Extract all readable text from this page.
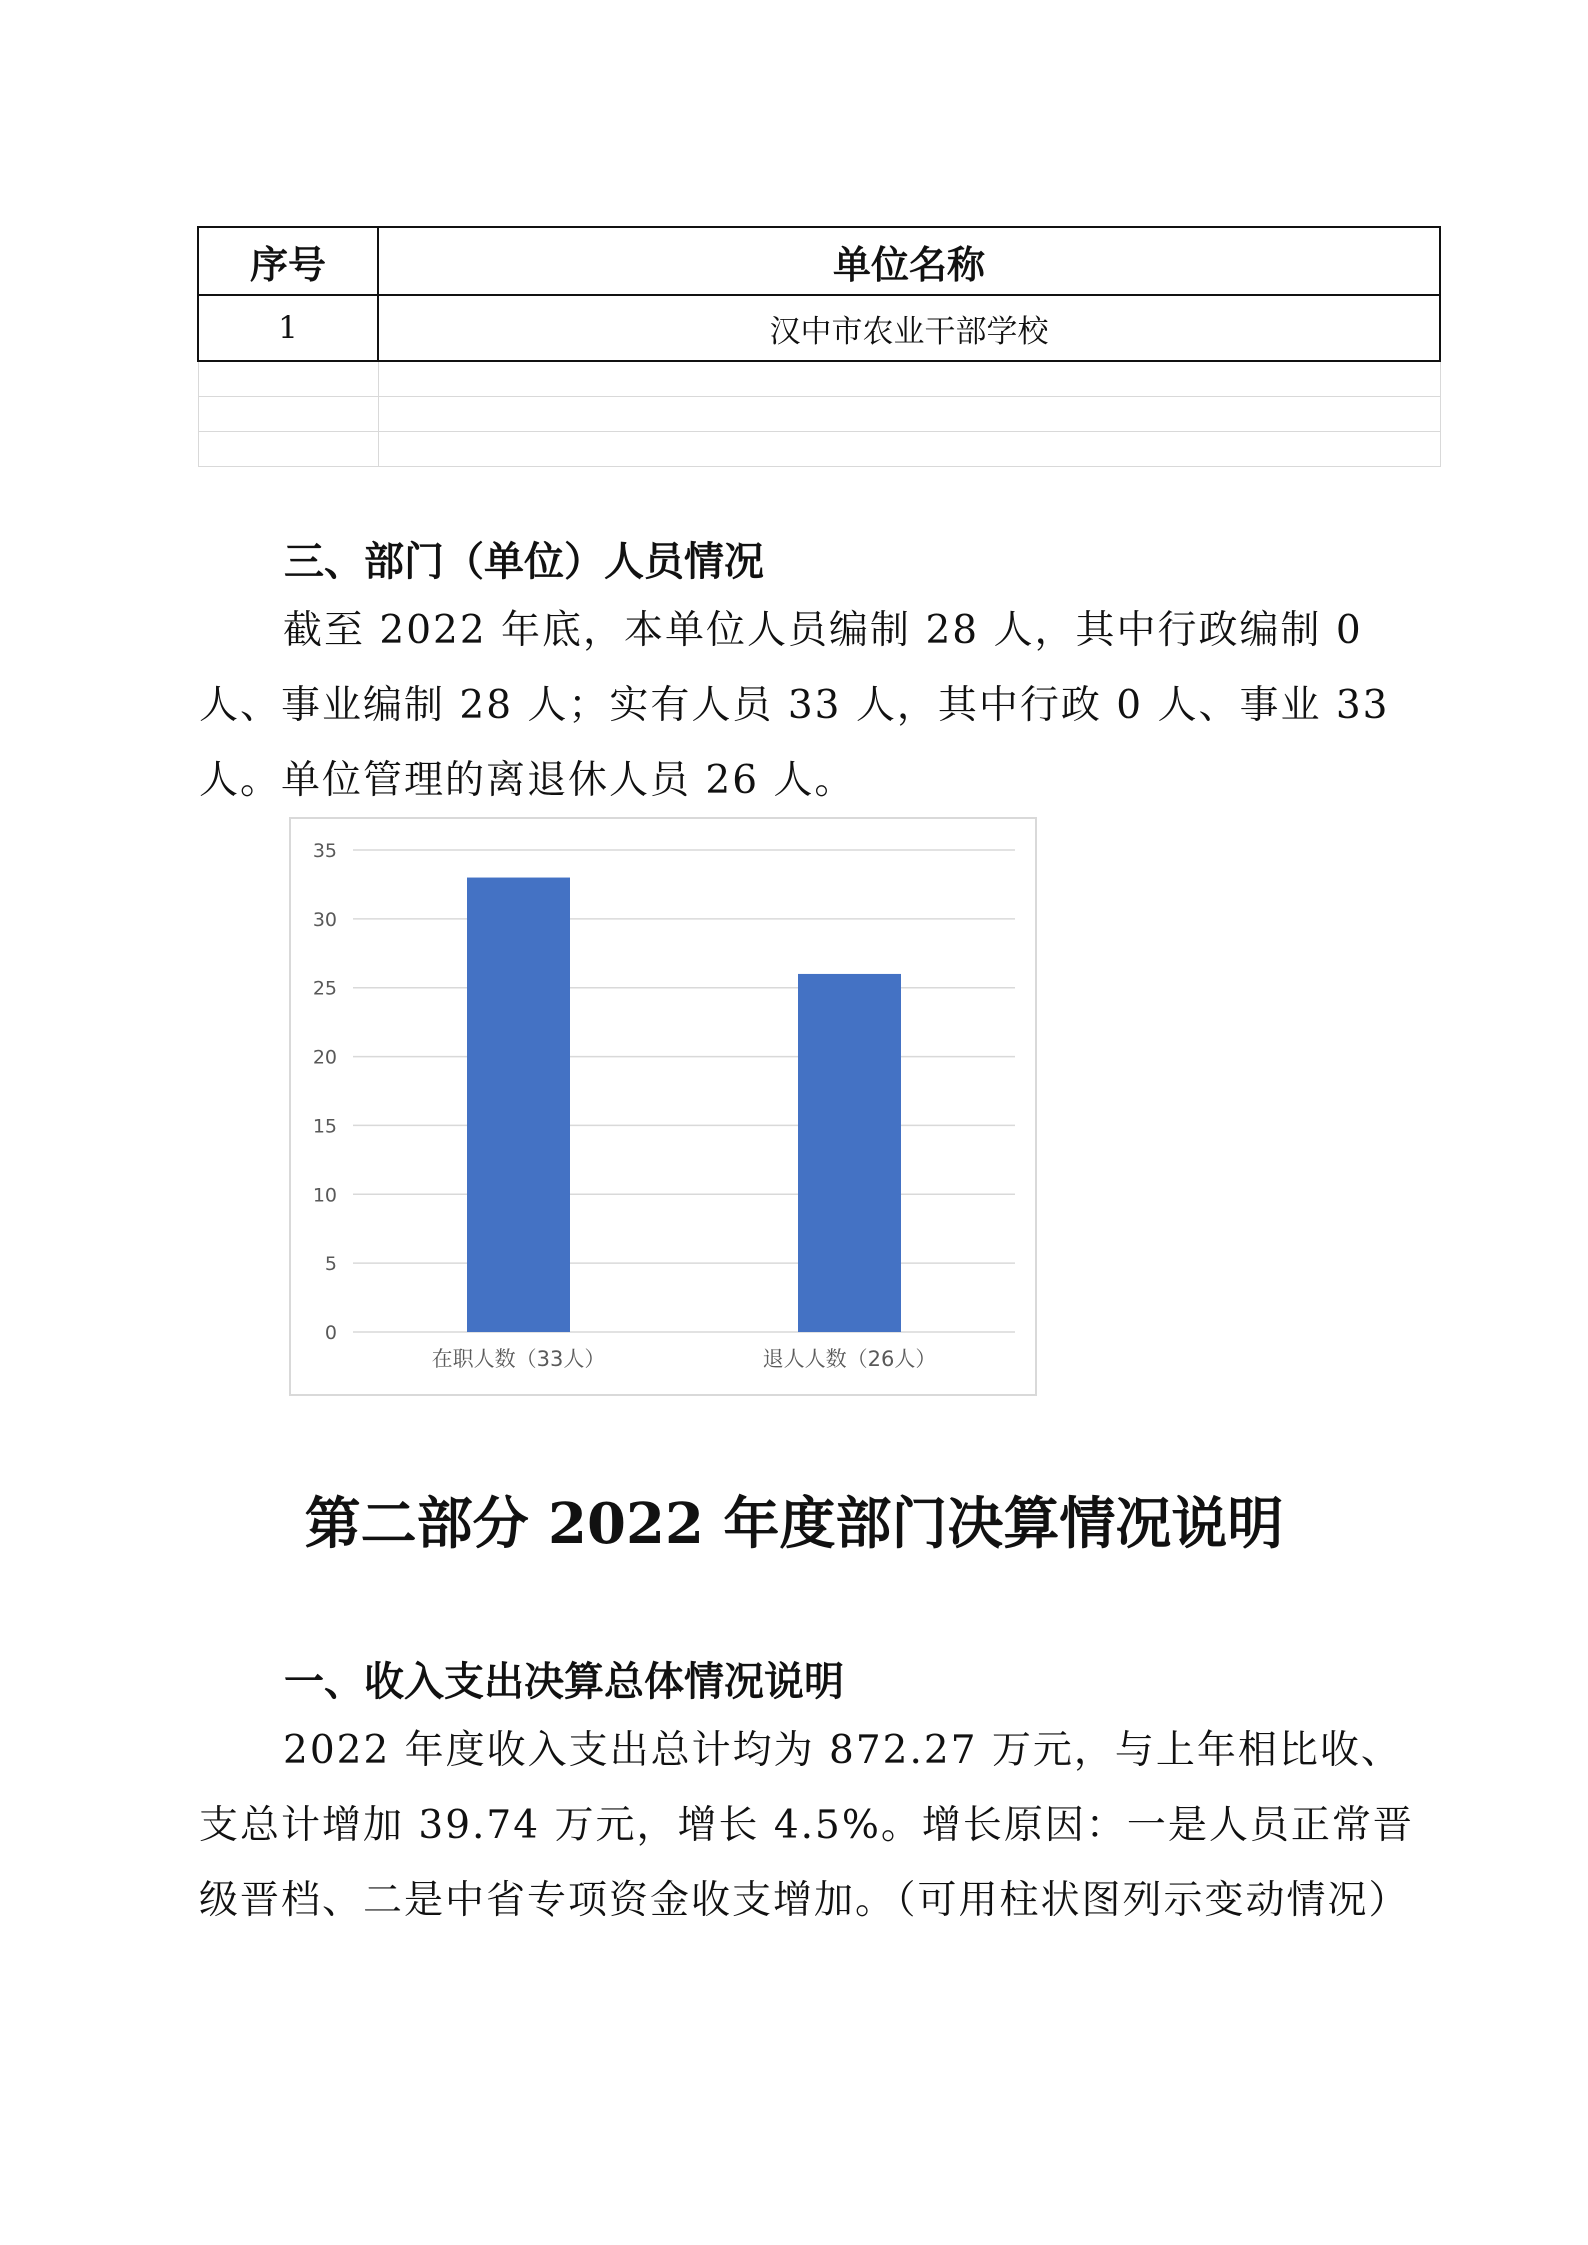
序号	单位名称
1	汉中市农业干部学校

三、部门（单位）人员情况

截至 2022 年底，本单位人员编制 28 人，其中行政编制 0 人、事业编制 28 人；实有人员 33 人，其中行政 0 人、事业 33 人。单位管理的离退休人员 26 人。

0
5
10
15
20
25
30
35
在职人数（33人）	退人人数（26人）
第二部分 2022 年度部门决算情况说明
一、收入支出决算总体情况说明

2022 年度收入支出总计均为 872.27 万元，与上年相比收、支总计增加 39.74 万元，增长 4.5%。增长原因：一是人员正常晋级晋档、二是中省专项资金收支增加。（可用柱状图列示变动情况）
